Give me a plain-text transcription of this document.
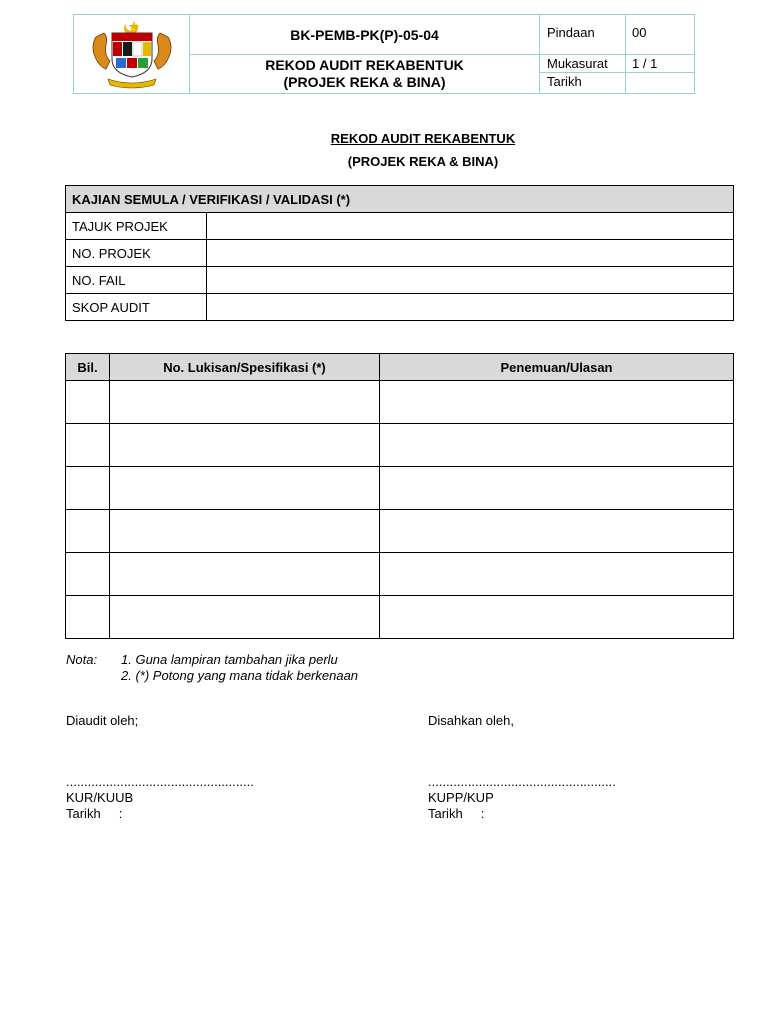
BK-PEMB-PK(P)-05-04
REKOD AUDIT REKABENTUK
(PROJEK REKA & BINA)
Pindaan	00
Mukasurat	1 / 1
Tarikh
REKOD AUDIT REKABENTUK
(PROJEK REKA & BINA)
KAJIAN SEMULA / VERIFIKASI / VALIDASI (*)	
TAJUK PROJEK	
NO. PROJEK	
NO. FAIL	
SKOP AUDIT	
Bil.	No. Lukisan/Spesifikasi (*)	Penemuan/Ulasan

Nota: 1. Guna lampiran tambahan jika perlu
2. (*) Potong yang mana tidak berkenaan
Diaudit oleh;
....................................................
KUR/KUUB
Tarikh     :
Disahkan oleh,
....................................................
KUPP/KUP
Tarikh     :
